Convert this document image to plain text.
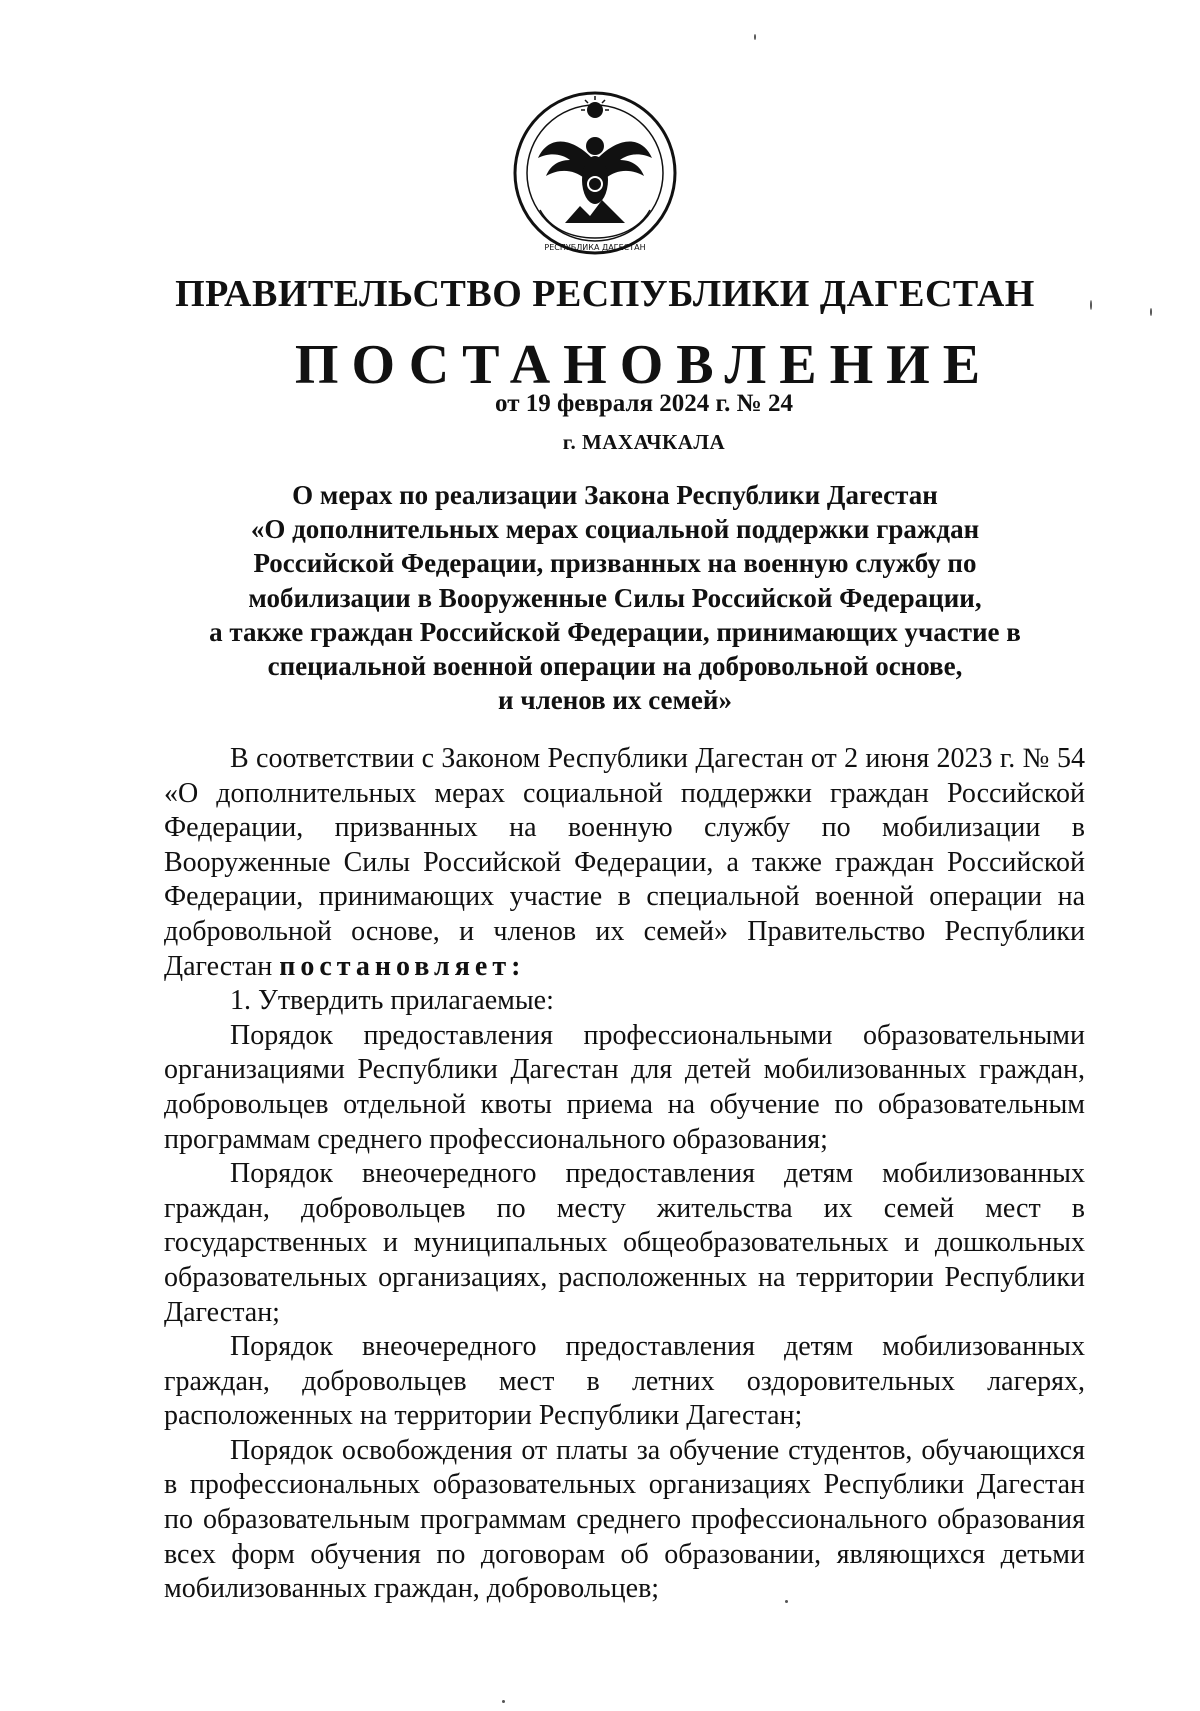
РЕСПУБЛИКА ДАГЕСТАН
ПРАВИТЕЛЬСТВО РЕСПУБЛИКИ ДАГЕСТАН
ПОСТАНОВЛЕНИЕ
от 19 февраля 2024 г. № 24
г. МАХАЧКАЛА
О мерах по реализации Закона Республики Дагестан
«О дополнительных мерах социальной поддержки граждан
Российской Федерации, призванных на военную службу по
мобилизации в Вооруженные Силы Российской Федерации,
а также граждан Российской Федерации, принимающих участие в
специальной военной операции на добровольной основе,
и членов их семей»

В соответствии с Законом Республики Дагестан от 2 июня 2023 г. № 54 «О дополнительных мерах социальной поддержки граждан Российской Федерации, призванных на военную службу по мобилизации в Вооруженные Силы Российской Федерации, а также граждан Российской Федерации, принимающих участие в специальной военной операции на добровольной основе, и членов их семей» Правительство Республики Дагестан постановляет:

1. Утвердить прилагаемые:

Порядок предоставления профессиональными образовательными организациями Республики Дагестан для детей мобилизованных граждан, добровольцев отдельной квоты приема на обучение по образовательным программам среднего профессионального образования;

Порядок внеочередного предоставления детям мобилизованных граждан, добровольцев по месту жительства их семей мест в государственных и муниципальных общеобразовательных и дошкольных образовательных организациях, расположенных на территории Республики Дагестан;

Порядок внеочередного предоставления детям мобилизованных граждан, добровольцев мест в летних оздоровительных лагерях, расположенных на территории Республики Дагестан;

Порядок освобождения от платы за обучение студентов, обучающихся в профессиональных образовательных организациях Республики Дагестан по образовательным программам среднего профессионального образования всех форм обучения по договорам об образовании, являющихся детьми мобилизованных граждан, добровольцев;
